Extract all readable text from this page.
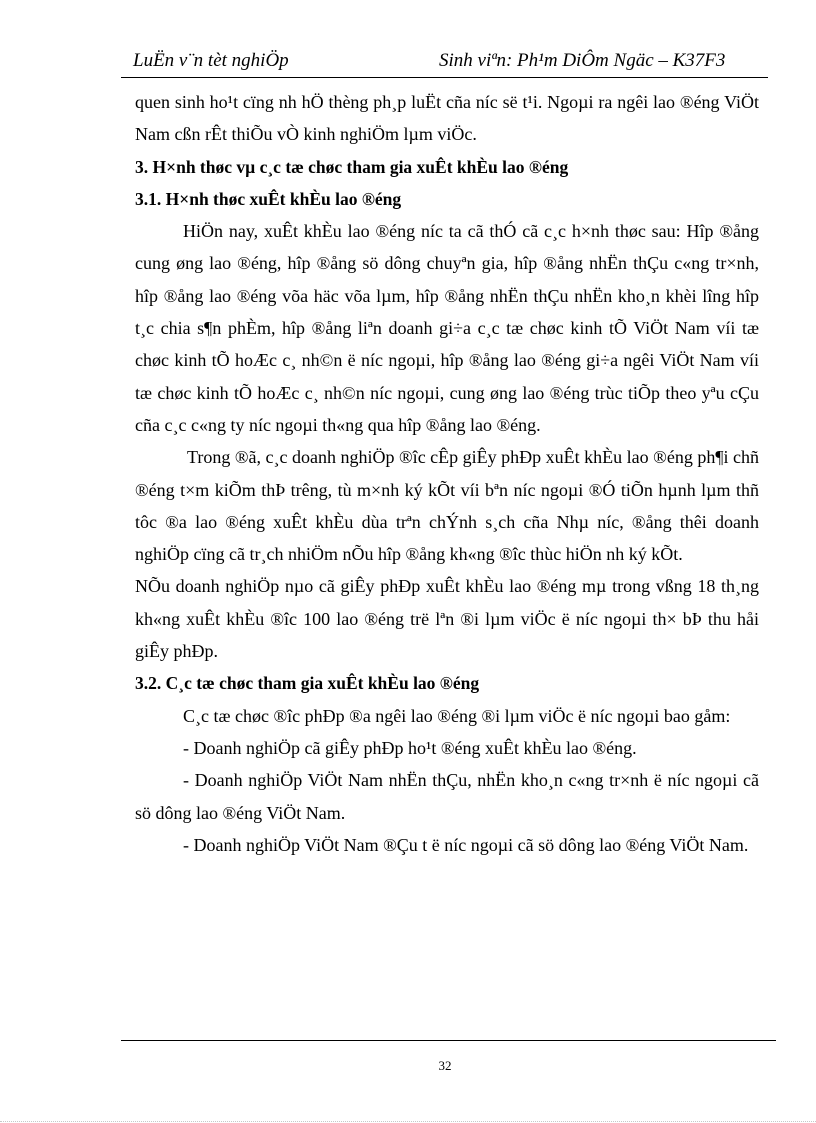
LuËn v¨n tèt nghiÖp	Sinh viªn: Ph¹m DiÔm Ngäc – K37F3

quen sinh ho¹t cïng nh hÖ thèng ph¸p luËt cña níc së t¹i. Ngoµi ra ngêi lao ®éng ViÖt Nam cßn rÊt thiÕu vÒ kinh nghiÖm lµm viÖc.

3. H×nh thøc vµ c¸c tæ chøc tham gia xuÊt khÈu lao ®éng

3.1. H×nh thøc xuÊt khÈu lao ®éng

HiÖn nay, xuÊt khÈu lao ®éng níc ta cã thÓ cã c¸c h×nh thøc sau: Hîp ®ång cung øng lao ®éng, hîp ®ång sö dông chuyªn gia, hîp ®ång nhËn thÇu c«ng tr×nh, hîp ®ång lao ®éng võa häc võa lµm, hîp ®ång nhËn thÇu nhËn kho¸n khèi lîng hîp t¸c chia s¶n phÈm, hîp ®ång liªn doanh gi÷a c¸c tæ chøc kinh tÕ ViÖt Nam víi tæ chøc kinh tÕ hoÆc c¸ nh©n ë níc ngoµi, hîp ®ång lao ®éng gi÷a ngêi ViÖt Nam víi tæ chøc kinh tÕ hoÆc c¸ nh©n níc ngoµi, cung øng lao ®éng trùc tiÕp theo yªu cÇu cña c¸c c«ng ty níc ngoµi th«ng qua hîp ®ång lao ®éng.

Trong ®ã, c¸c doanh nghiÖp ®îc cÊp giÊy phÐp xuÊt khÈu lao ®éng ph¶i chñ ®éng t×m kiÕm thÞ trêng, tù m×nh ký kÕt víi bªn níc ngoµi ®Ó tiÕn hµnh lµm thñ tôc ®a lao ®éng xuÊt khÈu dùa trªn chÝnh s¸ch cña Nhµ níc, ®ång thêi doanh nghiÖp cïng cã tr¸ch nhiÖm nÕu hîp ®ång kh«ng ®îc thùc hiÖn nh ký kÕt.

NÕu doanh nghiÖp nµo cã giÊy phÐp xuÊt khÈu lao ®éng mµ trong vßng 18 th¸ng kh«ng xuÊt khÈu ®îc 100 lao ®éng trë lªn ®i lµm viÖc ë níc ngoµi th× bÞ thu håi giÊy phÐp.

3.2. C¸c tæ chøc tham gia xuÊt khÈu lao ®éng

C¸c tæ chøc ®îc phÐp ®a ngêi lao ®éng ®i lµm viÖc ë níc ngoµi bao gåm:

- Doanh nghiÖp cã giÊy phÐp ho¹t ®éng xuÊt khÈu lao ®éng.

- Doanh nghiÖp ViÖt Nam nhËn thÇu, nhËn kho¸n c«ng tr×nh ë níc ngoµi cã sö dông lao ®éng ViÖt Nam.

- Doanh nghiÖp ViÖt Nam ®Çu t ë níc ngoµi cã sö dông lao ®éng ViÖt Nam.

32
